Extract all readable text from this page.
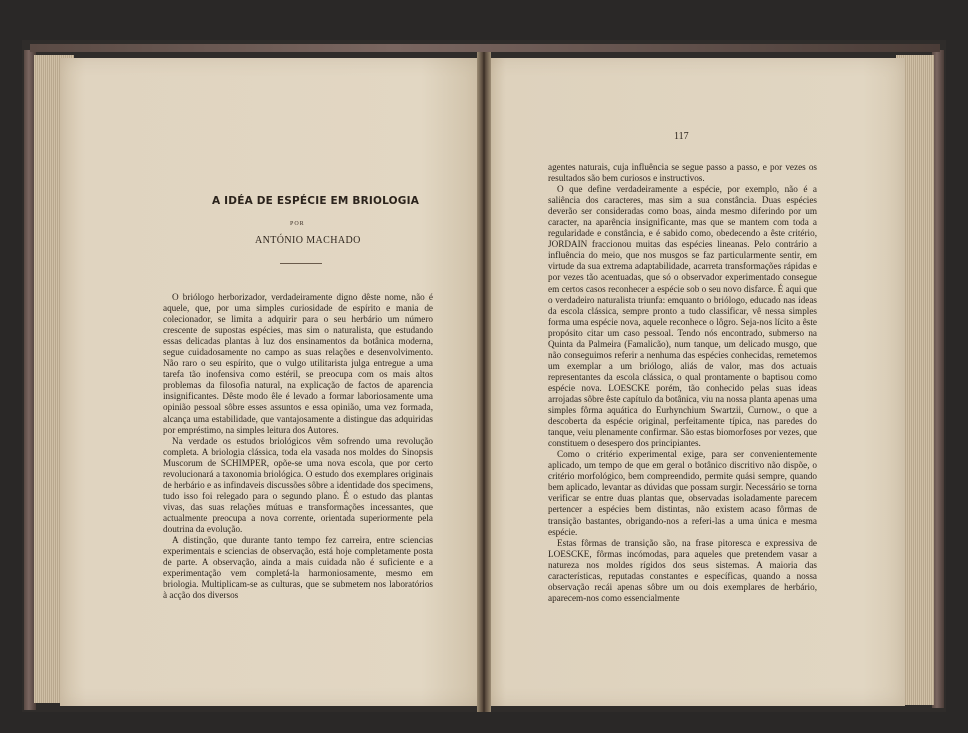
A IDÉA DE ESPÉCIE EM BRIOLOGIA
POR
ANTÓNIO MACHADO

O briólogo herborizador, verdadeiramente digno dêste nome, não é aquele, que, por uma simples curiosidade de espírito e mania de colecionador, se limita a adquirir para o seu herbário um número crescente de supostas espécies, mas sim o naturalista, que estudando essas delicadas plantas à luz dos ensinamentos da botânica moderna, segue cuidadosamente no campo as suas relações e desenvolvimento. Não raro o seu espírito, que o vulgo utilitarista julga entregue a uma tarefa tão inofensiva como estéril, se preocupa com os mais altos problemas da filosofia natural, na explicação de factos de aparencia insignificantes. Dêste modo êle é levado a formar laboriosamente uma opinião pessoal sôbre esses assuntos e essa opinião, uma vez formada, alcança uma estabilidade, que vantajosamente a distingue das adquiridas por empréstimo, na simples leitura dos Autores.

Na verdade os estudos briológicos vêm sofrendo uma revolução completa. A briologia clássica, toda ela vasada nos moldes do Sinopsis Muscorum de SCHIMPER, opõe-se uma nova escola, que por certo revolucionará a taxonomia briológica. O estudo dos exemplares originais de herbário e as infindaveis discussões sôbre a identidade dos specimens, tudo isso foi relegado para o segundo plano. É o estudo das plantas vivas, das suas relações mútuas e transformações incessantes, que actualmente preocupa a nova corrente, orientada superiormente pela doutrina da evolução.

A distinção, que durante tanto tempo fez carreira, entre sciencias experimentais e sciencias de observação, está hoje completamente posta de parte. A observação, ainda a mais cuidada não é suficiente e a experimentação vem completá-la harmoniosamente, mesmo em briologia. Multiplicam-se as culturas, que se submetem nos laboratórios à acção dos diversos

117

agentes naturais, cuja influência se segue passo a passo, e por vezes os resultados são bem curiosos e instructivos.

O que define verdadeiramente a espécie, por exemplo, não é a saliência dos caracteres, mas sim a sua constância. Duas espécies deverão ser consideradas como boas, ainda mesmo diferindo por um caracter, na aparência insignificante, mas que se mantem com toda a regularidade e constância, e é sabido como, obedecendo a êste critério, JORDAIN fraccionou muitas das espécies lineanas. Pelo contrário a influência do meio, que nos musgos se faz particularmente sentir, em virtude da sua extrema adaptabilidade, acarreta transformações rápidas e por vezes tão acentuadas, que só o observador experimentado consegue em certos casos reconhecer a espécie sob o seu novo disfarce. É aqui que o verdadeiro naturalista triunfa: emquanto o briólogo, educado nas ideas da escola clássica, sempre pronto a tudo classificar, vê nessa simples forma uma espécie nova, aquele reconhece o lôgro. Seja-nos lícito a êste propósito citar um caso pessoal. Tendo nós encontrado, submerso na Quinta da Palmeira (Famalicão), num tanque, um delicado musgo, que não conseguimos referir a nenhuma das espécies conhecidas, remetemos um exemplar a um briólogo, aliás de valor, mas dos actuais representantes da escola clássica, o qual prontamente o baptisou como espécie nova. LOESCKE porém, tão conhecido pelas suas ideas arrojadas sôbre êste capítulo da botânica, viu na nossa planta apenas uma simples fôrma aquática do Eurhynchium Swartzii, Curnow., o que a descoberta da espécie original, perfeitamente típica, nas paredes do tanque, veiu plenamente confirmar. São estas biomorfoses por vezes, que constituem o desespero dos principiantes.

Como o critério experimental exige, para ser convenientemente aplicado, um tempo de que em geral o botânico discritivo não dispõe, o critério morfológico, bem compreendido, permite quási sempre, quando bem aplicado, levantar as dúvidas que possam surgir. Necessário se torna verificar se entre duas plantas que, observadas isoladamente parecem pertencer a espécies bem distintas, não existem acaso fôrmas de transição bastantes, obrigando-nos a referi-las a uma única e mesma espécie.

Estas fôrmas de transição são, na frase pitoresca e expressiva de LOESCKE, fôrmas incómodas, para aqueles que pretendem vasar a natureza nos moldes rígidos dos seus sistemas. A maioria das características, reputadas constantes e específicas, quando a nossa observação recái apenas sôbre um ou dois exemplares de herbário, aparecem-nos como essencialmente
